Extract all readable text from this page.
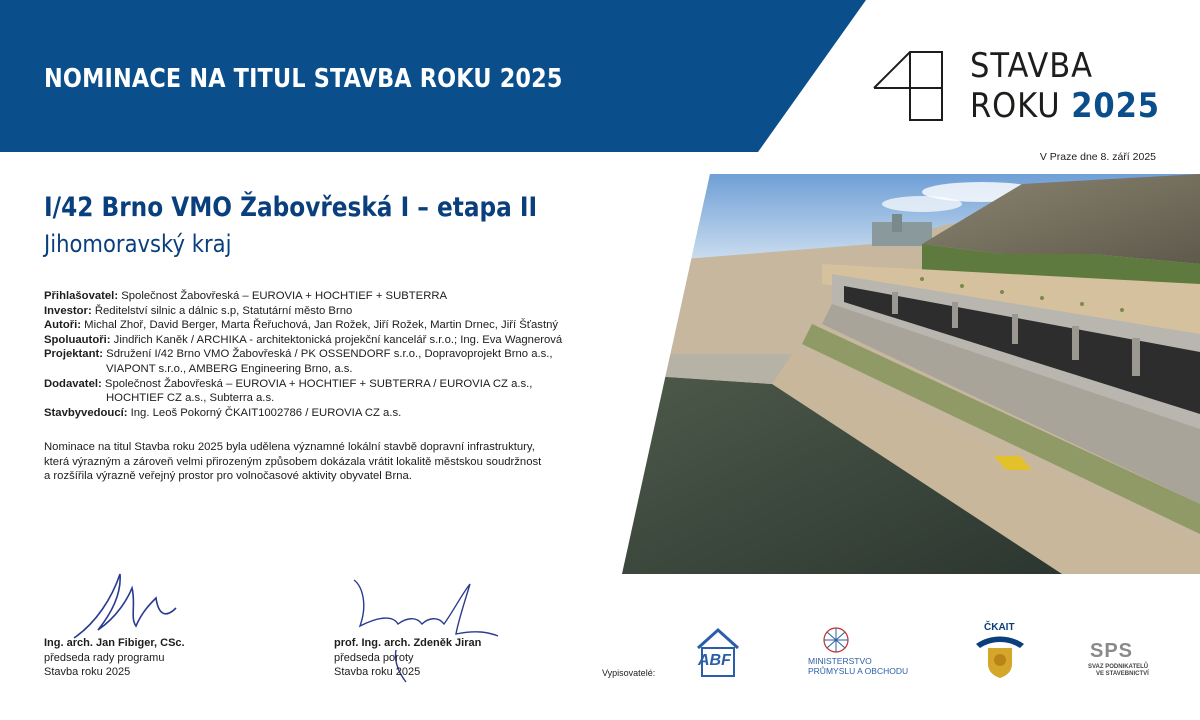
NOMINACE NA TITUL STAVBA ROKU 2025	STAVBA
ROKU 2025
V Praze dne 8. září 2025
I/42 Brno VMO Žabovřeská I – etapa II
Jihomoravský kraj
Přihlašovatel: Společnost Žabovřeská – EUROVIA + HOCHTIEF + SUBTERRA
Investor: Ředitelství silnic a dálnic s.p, Statutární město Brno
Autoři: Michal Zhoř, David Berger, Marta Řeřuchová, Jan Rožek, Jiří Rožek, Martin Drnec, Jiří Šťastný
Spoluautoři: Jindřich Kaněk / ARCHIKA - architektonická projekční kancelář s.r.o.; Ing. Eva Wagnerová
Projektant: Sdružení I/42 Brno VMO Žabovřeská / PK OSSENDORF s.r.o., Dopravoprojekt Brno a.s.,
VIAPONT s.r.o., AMBERG Engineering Brno, a.s.
Dodavatel: Společnost Žabovřeská – EUROVIA + HOCHTIEF + SUBTERRA / EUROVIA CZ a.s.,
HOCHTIEF CZ a.s., Subterra a.s.
Stavbyvedoucí: Ing. Leoš Pokorný ČKAIT1002786 / EUROVIA CZ a.s.
Nominace na titul Stavba roku 2025 byla udělena významné lokální stavbě dopravní infrastruktury,
která výrazným a zároveň velmi přirozeným způsobem dokázala vrátit lokalitě městskou soudržnost
a rozšířila výrazně veřejný prostor pro volnočasové aktivity obyvatel Brna.
Ing. arch. Jan Fibiger, CSc.
předseda rady programu
Stavba roku 2025
prof. Ing. arch. Zdeněk Jiran
předseda poroty
Stavba roku 2025	Vypisovatelé:
ABF	MINISTERSTVO
PRŮMYSLU A OBCHODU
ČKAIT
SPS
SVAZ PODNIKATELŮ
VE STAVEBNICTVÍ
